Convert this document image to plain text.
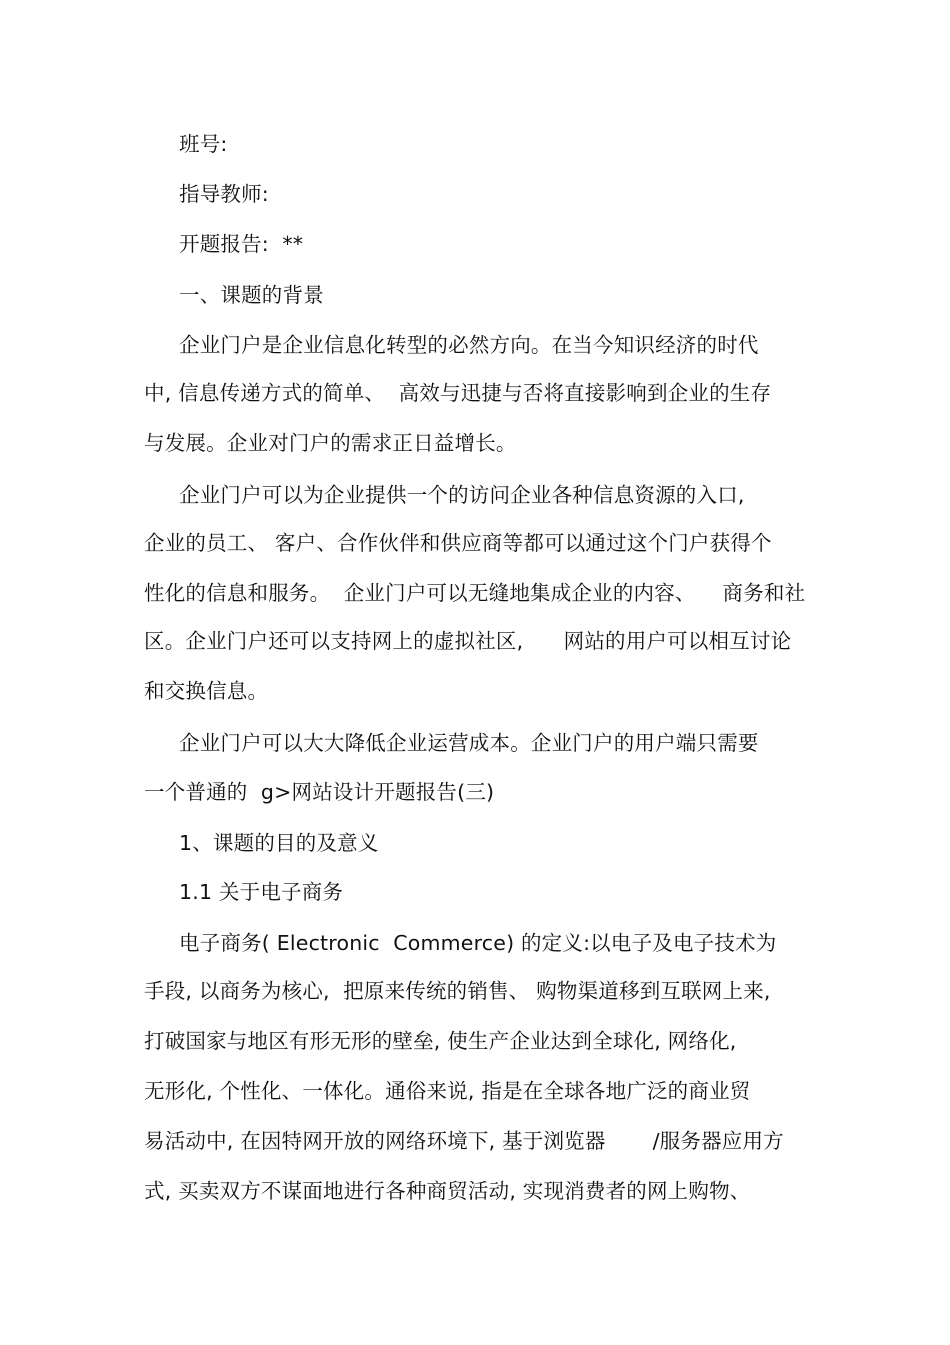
班号:
指导教师:
开题报告:  **
一、课题的背景
企业门户是企业信息化转型的必然方向。在当今知识经济的时代
中, 信息传递方式的简单、  高效与迅捷与否将直接影响到企业的生存
与发展。企业对门户的需求正日益增长。
企业门户可以为企业提供一个的访问企业各种信息资源的入口,
企业的员工、 客户、合作伙伴和供应商等都可以通过这个门户获得个
性化的信息和服务。  企业门户可以无缝地集成企业的内容、    商务和社
区。企业门户还可以支持网上的虚拟社区,      网站的用户可以相互讨论
和交换信息。
企业门户可以大大降低企业运营成本。企业门户的用户端只需要
一个普通的  g>网站设计开题报告(三)
1、课题的目的及意义
1.1 关于电子商务
电子商务( Electronic  Commerce) 的定义:以电子及电子技术为
手段, 以商务为核心,  把原来传统的销售、 购物渠道移到互联网上来,
打破国家与地区有形无形的壁垒, 使生产企业达到全球化, 网络化,
无形化, 个性化、一体化。通俗来说, 指是在全球各地广泛的商业贸
易活动中, 在因特网开放的网络环境下, 基于浏览器       /服务器应用方
式, 买卖双方不谋面地进行各种商贸活动, 实现消费者的网上购物、
